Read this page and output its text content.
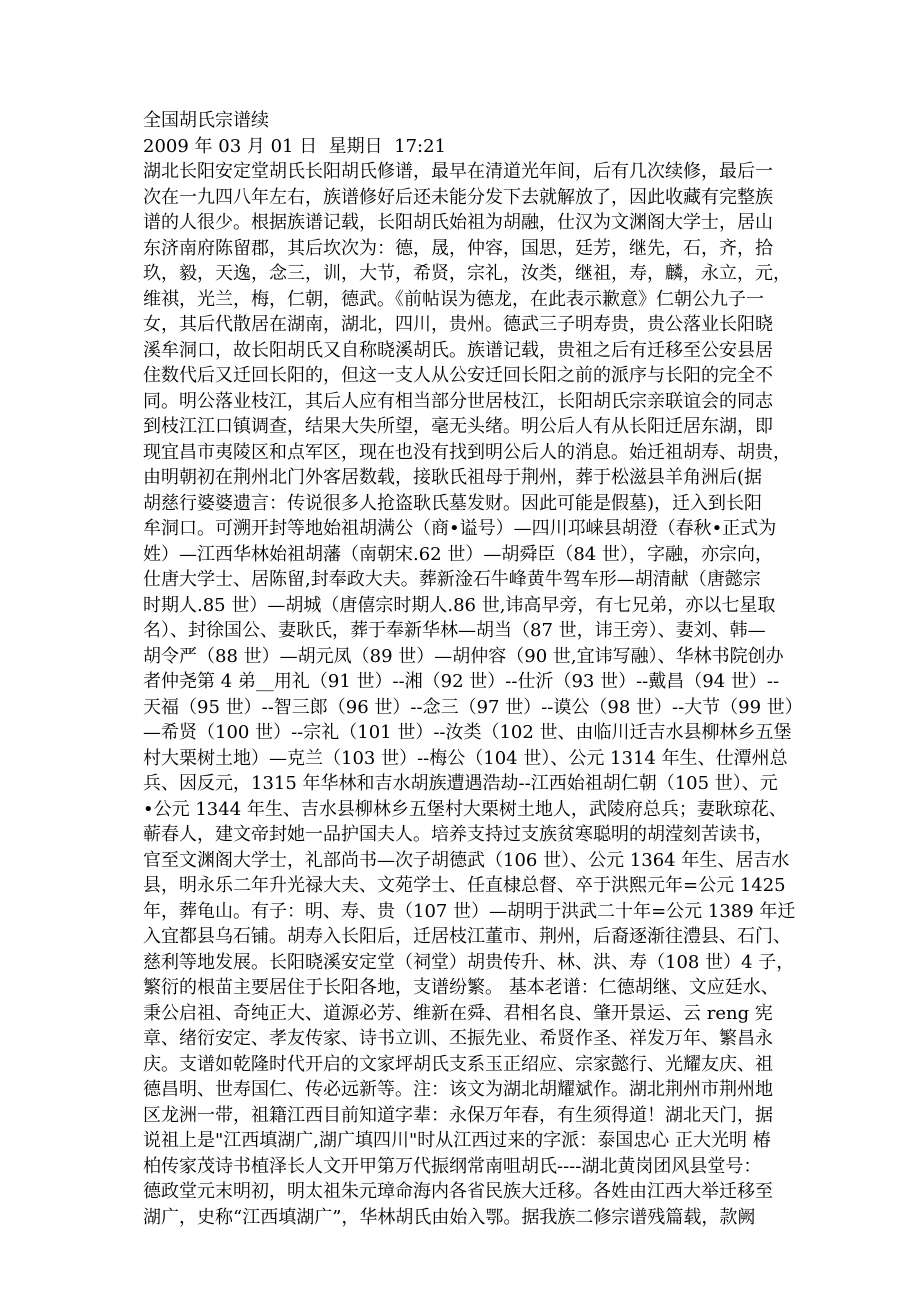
全国胡氏宗谱续
2009 年 03 月 01 日  星期日  17:21
湖北长阳安定堂胡氏长阳胡氏修谱，最早在清道光年间，后有几次续修，最后一
次在一九四八年左右，族谱修好后还未能分发下去就解放了，因此收藏有完整族
谱的人很少。根据族谱记载，长阳胡氏始祖为胡融，仕汉为文渊阁大学士，居山
东济南府陈留郡，其后坎次为：德，晟，仲容，国思，廷芳，继先，石，齐，拾
玖，毅，天逸，念三，训，大节，希贤，宗礼，汝类，继祖，寿，麟，永立，元，
维祺，光兰，梅，仁朝，德武。《前帖误为德龙，在此表示歉意》仁朝公九子一
女，其后代散居在湖南，湖北，四川，贵州。德武三子明寿贵，贵公落业长阳晓
溪牟洞口，故长阳胡氏又自称晓溪胡氏。族谱记载，贵祖之后有迁移至公安县居
住数代后又迁回长阳的，但这一支人从公安迁回长阳之前的派序与长阳的完全不
同。明公落业枝江，其后人应有相当部分世居枝江，长阳胡氏宗亲联谊会的同志
到枝江江口镇调查，结果大失所望，毫无头绪。明公后人有从长阳迁居东湖，即
现宜昌市夷陵区和点军区，现在也没有找到明公后人的消息。始迁祖胡寿、胡贵，
由明朝初在荆州北门外客居数载，接耿氏祖母于荆州，葬于松滋县羊角洲后(据
胡慈行婆婆遗言：传说很多人抢盗耿氏墓发财。因此可能是假墓)，迁入到长阳
牟洞口。可溯开封等地始祖胡满公（商•谥号）—四川邛崃县胡澄（春秋•正式为
姓）—江西华林始祖胡藩（南朝宋.62 世）—胡舜臣（84 世），字融，亦宗向，
仕唐大学士、居陈留,封奉政大夫。葬新淦石牛峰黄牛驾车形—胡清献（唐懿宗
时期人.85 世）—胡城（唐僖宗时期人.86 世,讳高早旁，有七兄弟，亦以七星取
名）、封徐国公、妻耿氏，葬于奉新华林—胡当（87 世，讳王旁）、妻刘、韩—
胡令严（88 世）—胡元凤（89 世）—胡仲容（90 世,宜讳写融）、华林书院创办
者仲尧第 4 弟__用礼（91 世）--湘（92 世）--仕沂（93 世）--戴昌（94 世）--
天福（95 世）--智三郎（96 世）--念三（97 世）--谟公（98 世）--大节（99 世）
—希贤（100 世）--宗礼（101 世）--汝类（102 世、由临川迁吉水县柳林乡五堡
村大栗树土地）—克兰（103 世）--梅公（104 世）、公元 1314 年生、仕潭州总
兵、因反元，1315 年华林和吉水胡族遭遇浩劫--江西始祖胡仁朝（105 世）、元
•公元 1344 年生、吉水县柳林乡五堡村大栗树土地人，武陵府总兵；妻耿琼花、
蕲春人，建文帝封她一品护国夫人。培养支持过支族贫寒聪明的胡滢刻苦读书，
官至文渊阁大学士，礼部尚书—次子胡德武（106 世）、公元 1364 年生、居吉水
县，明永乐二年升光禄大夫、文苑学士、任直棣总督、卒于洪熙元年=公元 1425
年，葬龟山。有子：明、寿、贵（107 世）—胡明于洪武二十年=公元 1389 年迁
入宜都县乌石铺。胡寿入长阳后，迁居枝江董市、荆州，后裔逐渐往澧县、石门、
慈利等地发展。长阳晓溪安定堂（祠堂）胡贵传升、林、洪、寿（108 世）4 子，
繁衍的根苗主要居住于长阳各地，支谱纷繁。 基本老谱：仁德胡继、文应廷水、
秉公启祖、奇纯正大、道源必芳、维新在舜、君相名良、肇开景运、云 reng 宪
章、绪衍安定、孝友传家、诗书立训、丕振先业、希贤作圣、祥发万年、繁昌永
庆。支谱如乾隆时代开启的文家坪胡氏支系玉正绍应、宗家懿行、光耀友庆、祖
德昌明、世寿国仁、传必远新等。注：该文为湖北胡耀斌作。湖北荆州市荆州地
区龙洲一带，祖籍江西目前知道字辈：永保万年春，有生须得道！湖北天门，据
说祖上是"江西填湖广,湖广填四川"时从江西过来的字派：泰国忠心 正大光明 椿
柏传家茂诗书植泽长人文开甲第万代振纲常南咀胡氏----湖北黄岗团风县堂号：
德政堂元末明初，明太祖朱元璋命海内各省民族大迁移。各姓由江西大举迁移至
湖广，史称“江西填湖广”，华林胡氏由始入鄂。据我族二修宗谱残篇载，款阙
